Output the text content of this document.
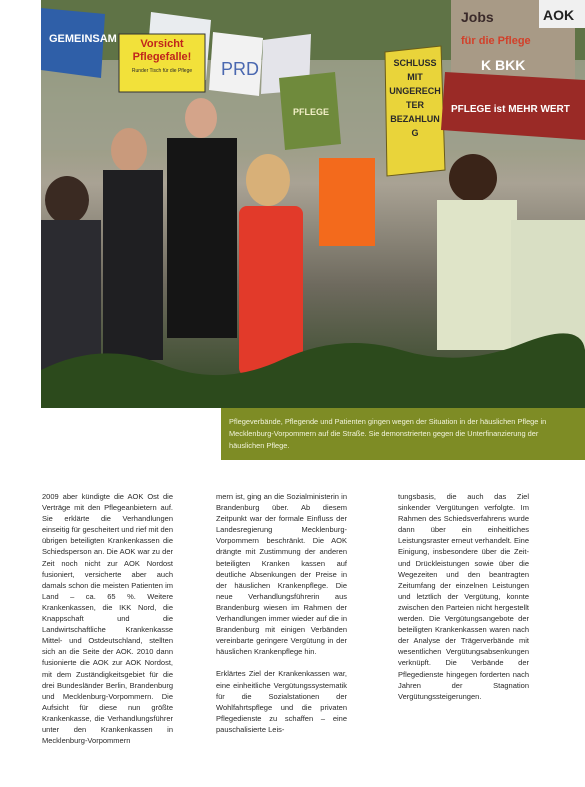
GEMEINSAM
PRD
Vorsicht Pflegefalle!
Runder Tisch für die Pflege
PFLEGE
SCHLUSS MIT UNGERECHTER BEZAHLUNG
Jobs
für die Pflege
K BKK
AOK
PFLEGE ist MEHR WERT

Pflegeverbände, Pflegende und Patienten gingen wegen der Situation in der häuslichen Pflege in Mecklenburg-Vorpommern auf die Straße. Sie demonstrierten gegen die Unterfinanzierung der häuslichen Pflege.

2009 aber kündigte die AOK Ost die Verträge mit den Pflegeanbietern auf. Sie erklärte die Verhandlungen einseitig für gescheitert und rief mit den übrigen beteiligten Krankenkassen die Schiedsperson an. Die AOK war zu der Zeit noch nicht zur AOK Nordost fusioniert, versicherte aber auch damals schon die meisten Patienten im Land – ca. 65 %. Weitere Krankenkassen, die IKK Nord, die Knappschaft und die Landwirtschaftliche Krankenkasse Mittel- und Ostdeutschland, stellten sich an die Seite der AOK. 2010 dann fusionierte die AOK zur AOK Nordost, mit dem Zuständigkeitsgebiet für die drei Bundesländer Berlin, Brandenburg und Mecklenburg-Vorpommern. Die Aufsicht für diese nun größte Krankenkasse, die Verhandlungsführer unter den Krankenkassen in Mecklenburg-Vorpommern

mern ist, ging an die Sozialministerin in Brandenburg über. Ab diesem Zeitpunkt war der formale Einfluss der Landesregierung Mecklenburg-Vorpommern beschränkt. Die AOK drängte mit Zustimmung der anderen beteiligten Kranken kassen auf deutliche Absenkungen der Preise in der häuslichen Krankenpflege. Die neue Verhandlungsführerin aus Brandenburg wiesen im Rahmen der Verhandlungen immer wieder auf die in Brandenburg mit einigen Verbänden vereinbarte geringere Vergütung in der häuslichen Krankenpflege hin.

Erklärtes Ziel der Krankenkassen war, eine einheitliche Vergütungssystematik für die Sozialstationen der Wohlfahrtspflege und die privaten Pflegedienste zu schaffen – eine pauschalisierte Leis-

tungsbasis, die auch das Ziel sinkender Vergütungen verfolgte. Im Rahmen des Schiedsverfahrens wurde dann über ein einheitliches Leistungsraster erneut verhandelt. Eine Einigung, insbesondere über die Zeit- und Drückleistungen sowie über die Wegezeiten und den beantragten Zeitumfang der einzelnen Leistungen und letztlich der Vergütung, konnte zwischen den Parteien nicht hergestellt werden. Die Vergütungsangebote der beteiligten Krankenkassen waren nach der Analyse der Trägerverbände mit wesentlichen Vergütungsabsenkungen verknüpft. Die Verbände der Pflegedienste hingegen forderten nach Jahren der Stagnation Vergütungssteigerungen.
